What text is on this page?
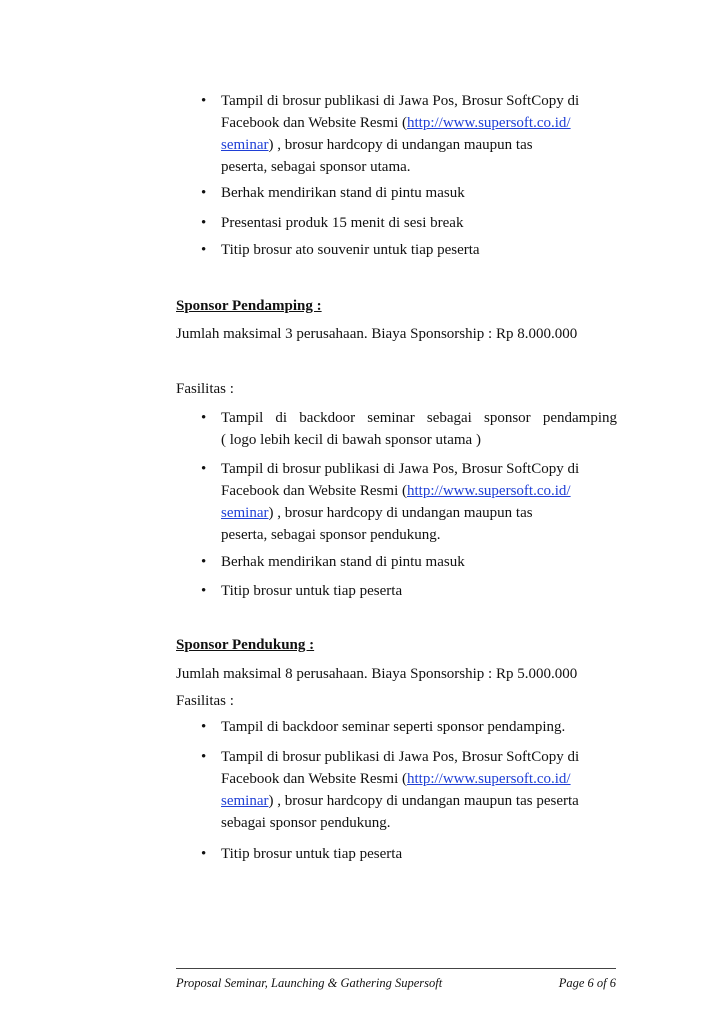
• Tampil di brosur publikasi di Jawa Pos, Brosur SoftCopy di
Facebook dan Website Resmi (http://www.supersoft.co.id/
seminar) , brosur hardcopy di undangan maupun tas
peserta, sebagai sponsor utama.
• Berhak mendirikan stand di pintu masuk
• Presentasi produk 15 menit di sesi break
• Titip brosur ato souvenir untuk tiap peserta
Sponsor Pendamping :
Jumlah maksimal 3 perusahaan. Biaya Sponsorship : Rp 8.000.000
Fasilitas :
• Tampil di backdoor seminar sebagai sponsor pendamping
( logo lebih kecil di bawah sponsor utama )
• Tampil di brosur publikasi di Jawa Pos, Brosur SoftCopy di
Facebook dan Website Resmi (http://www.supersoft.co.id/
seminar) , brosur hardcopy di undangan maupun tas
peserta, sebagai sponsor pendukung.
• Berhak mendirikan stand di pintu masuk
• Titip brosur untuk tiap peserta
Sponsor Pendukung :
Jumlah maksimal 8 perusahaan. Biaya Sponsorship : Rp 5.000.000
Fasilitas :
• Tampil di backdoor seminar seperti sponsor pendamping.
• Tampil di brosur publikasi di Jawa Pos, Brosur SoftCopy di
Facebook dan Website Resmi (http://www.supersoft.co.id/
seminar) , brosur hardcopy di undangan maupun tas peserta
sebagai sponsor pendukung.
• Titip brosur untuk tiap peserta
Proposal Seminar, Launching & Gathering Supersoft	Page 6 of 6
